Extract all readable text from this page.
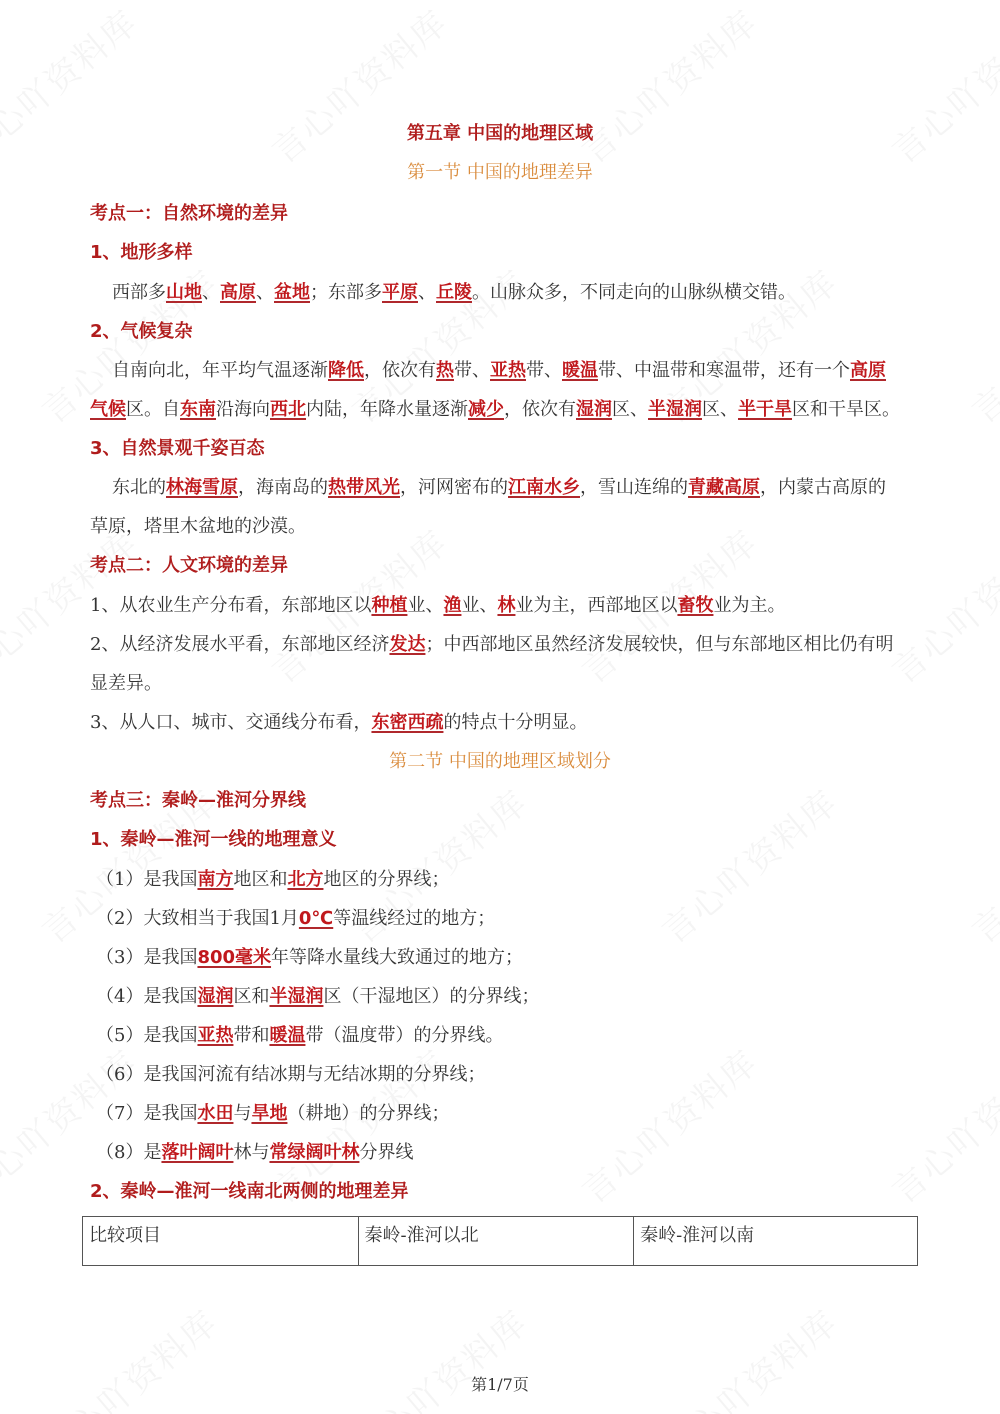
第五章 中国的地理区域
第一节 中国的地理差异
考点一：自然环境的差异
1、地形多样
西部多山地、高原、盆地；东部多平原、丘陵。山脉众多，不同走向的山脉纵横交错。
2、气候复杂
自南向北，年平均气温逐渐降低，依次有热带、亚热带、暖温带、中温带和寒温带，还有一个高原
气候区。自东南沿海向西北内陆，年降水量逐渐减少，依次有湿润区、半湿润区、半干旱区和干旱区。
3、自然景观千姿百态
东北的林海雪原，海南岛的热带风光，河网密布的江南水乡，雪山连绵的青藏高原，内蒙古高原的
草原，塔里木盆地的沙漠。
考点二：人文环境的差异
1、从农业生产分布看，东部地区以种植业、渔业、林业为主，西部地区以畜牧业为主。
2、从经济发展水平看，东部地区经济发达；中西部地区虽然经济发展较快，但与东部地区相比仍有明
显差异。
3、从人口、城市、交通线分布看，东密西疏的特点十分明显。
第二节 中国的地理区域划分
考点三：秦岭—淮河分界线
1、秦岭—淮河一线的地理意义
（1）是我国南方地区和北方地区的分界线；
（2）大致相当于我国1月0℃等温线经过的地方；
（3）是我国800毫米年等降水量线大致通过的地方；
（4）是我国湿润区和半湿润区（干湿地区）的分界线；
（5）是我国亚热带和暖温带（温度带）的分界线。
（6）是我国河流有结冰期与无结冰期的分界线；
（7）是我国水田与旱地（耕地）的分界线；
（8）是落叶阔叶林与常绿阔叶林分界线
2、秦岭—淮河一线南北两侧的地理差异
比较项目	秦岭-淮河以北	秦岭-淮河以南
第1/7页
